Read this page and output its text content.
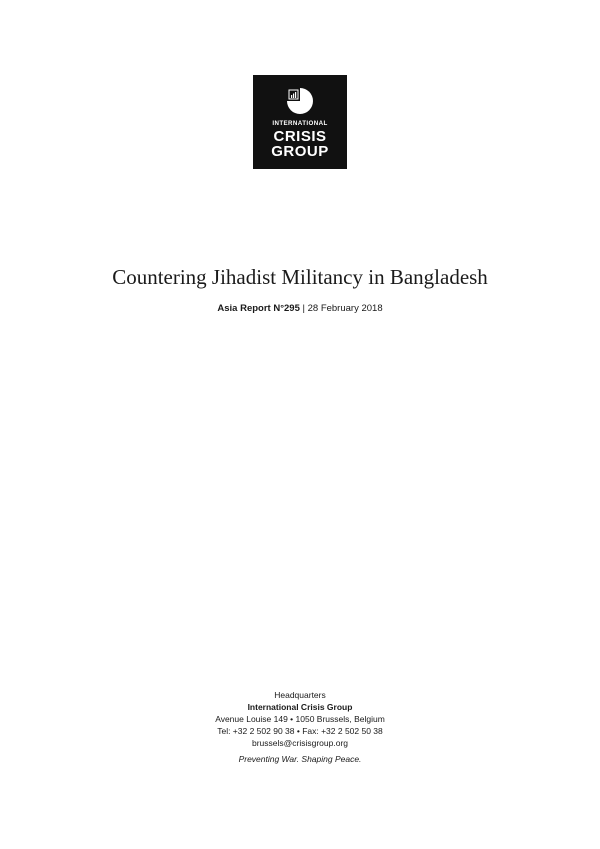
INTERNATIONAL
CRISIS
GROUP
Countering Jihadist Militancy in Bangladesh
Asia Report N°295 | 28 February 2018
Headquarters
International Crisis Group
Avenue Louise 149 • 1050 Brussels, Belgium
Tel: +32 2 502 90 38 • Fax: +32 2 502 50 38
brussels@crisisgroup.org
Preventing War. Shaping Peace.
